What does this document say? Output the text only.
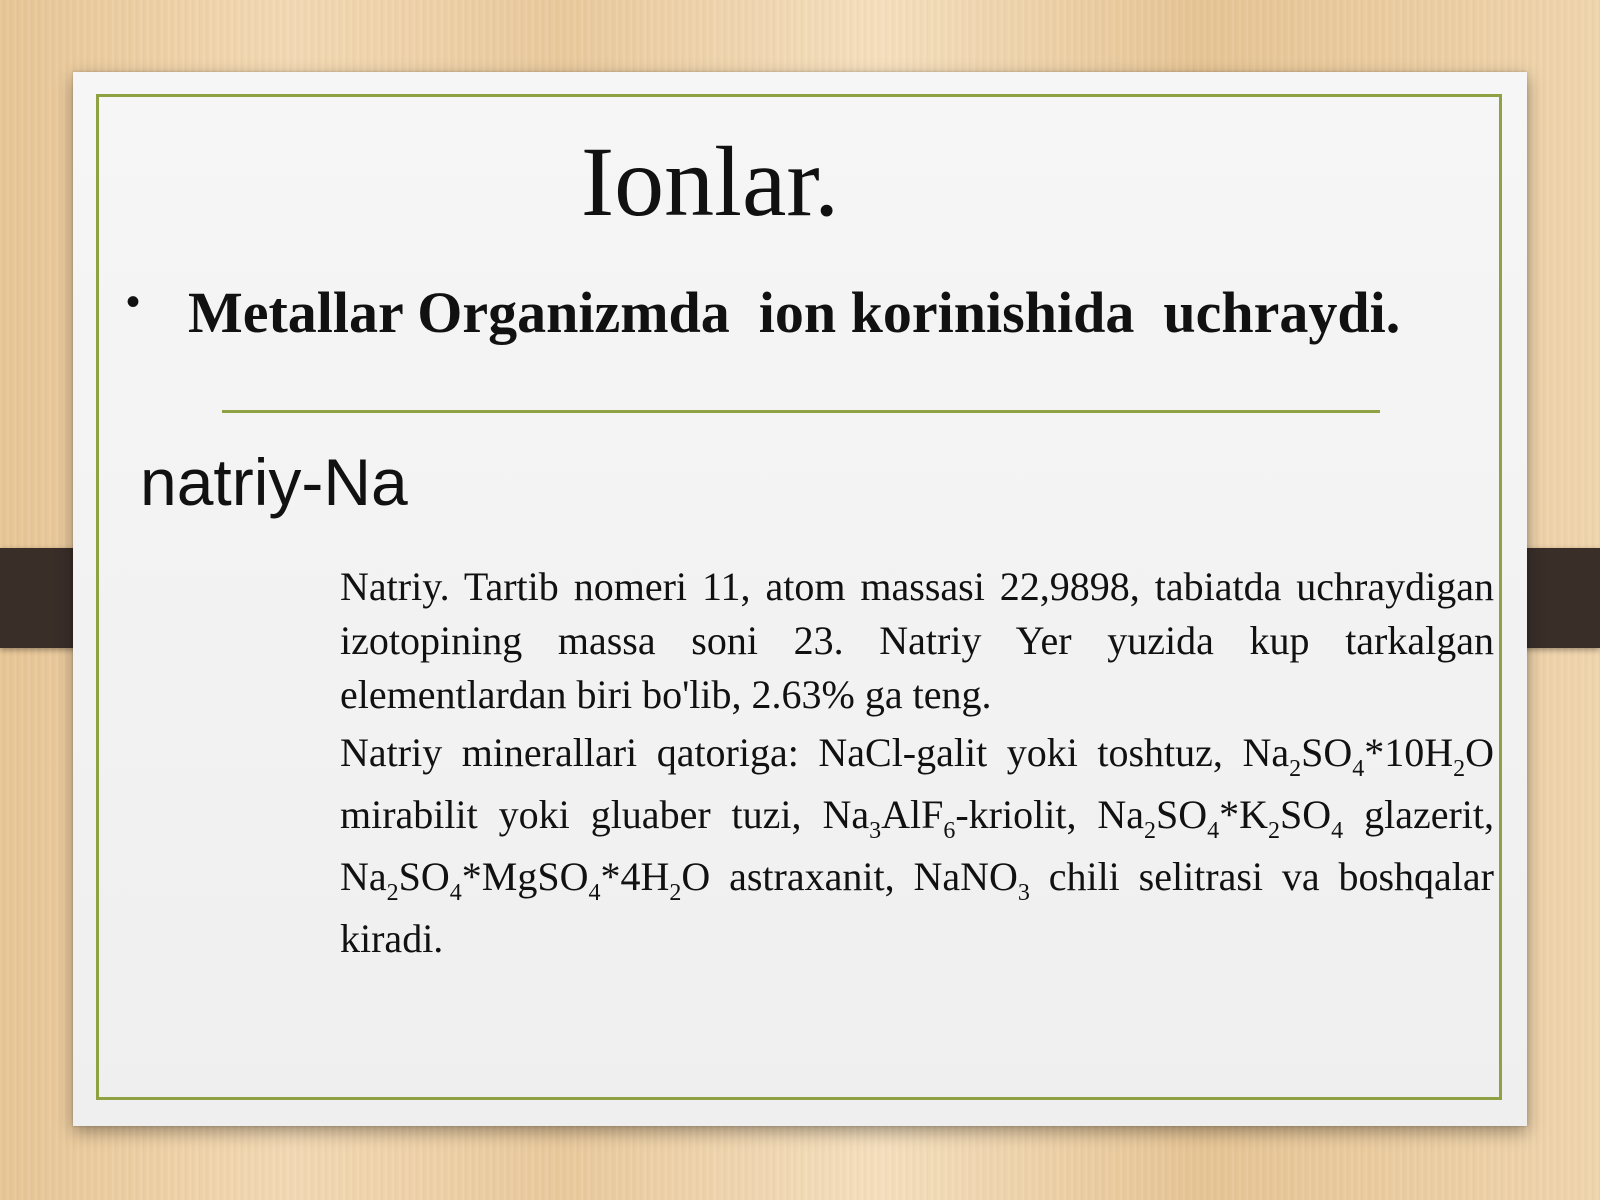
Ionlar.
• Metallar Organizmda  ion korinishida  uchraydi.
natriy-Na

Natriy. Tartib nomeri 11, atom massasi 22,9898, tabiatda uchraydigan izotopining massa soni 23. Natriy Yer yuzida kup tarkalgan elementlardan biri bo'lib, 2.63% ga teng.

Natriy minerallari qatoriga: NaCl-galit yoki toshtuz, $Na_2SO_4*10H_2O$ mirabilit yoki gluaber tuzi, $Na_3AlF_6$-kriolit, $Na_2SO_4*K_2SO_4$ glazerit, $Na_2SO_4*MgSO_4*4H_2O$ astraxanit, NaNO$_3$ chili selitrasi va boshqalar kiradi.
